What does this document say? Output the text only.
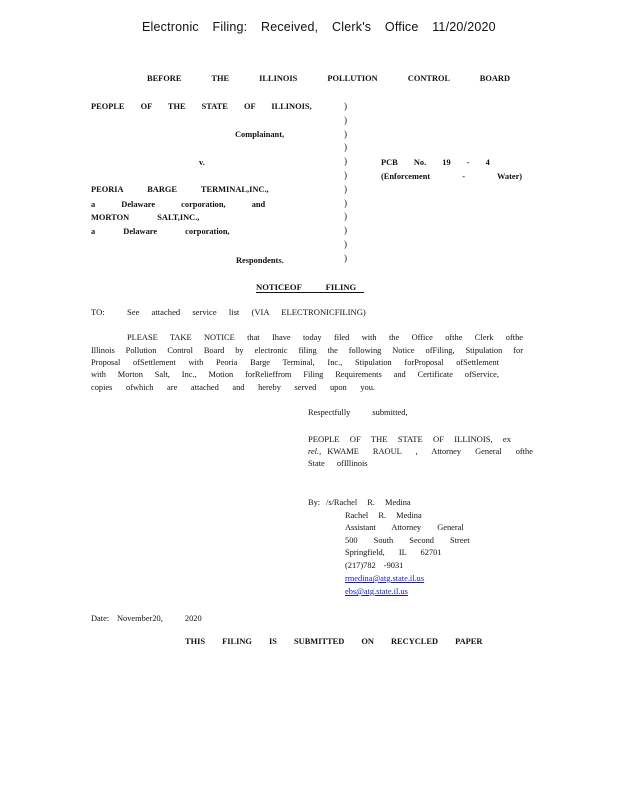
Electronic Filing: Received, Clerk's Office 11/20/2020
BEFORE THE ILLINOIS POLLUTION CONTROL BOARD
PEOPLE OF THE STATE OF ILLINOIS,
Complainant,
v.
PEORIA BARGE TERMINAL,INC.,
a Delaware corporation, and
MORTON SALT,INC.,
a Delaware corporation,
Respondents.
)
)
)
)
)
)
)
)
)
)
)
)
PCB No. 19 - 4
(Enforcement - Water)
NOTICEOF FILING
TO:	See attached service list (VIA ELECTRONICFILING)
PLEASE TAKE NOTICE that Ihave today filed with the Office ofthe Clerk ofthe
Illinois Pollution Control Board by electronic filing the following Notice ofFiling, Stipulation for
Proposal ofSettlement with Peoria Barge Terminal, Inc., Stipulation forProposal ofSettlement
with Morton Salt, Inc., Motion forRelieffrom Filing Requirements and Certificate ofService,
copies ofwhich are attached and hereby served upon you.
Respectfully submitted,
PEOPLE OF THE STATE OF ILLINOIS, ex
rel., KWAME RAOUL , Attorney General ofthe
State ofIllinois
By: /s/Rachel R. Medina
Rachel R. Medina
Assistant Attorney General
500 South Second Street
Springfield, IL 62701
(217)782 -9031
rmedina@atg.state.il.us
ebs@atg.state.il.us
Date: November20, 2020
THIS FILING IS SUBMITTED ON RECYCLED PAPER
